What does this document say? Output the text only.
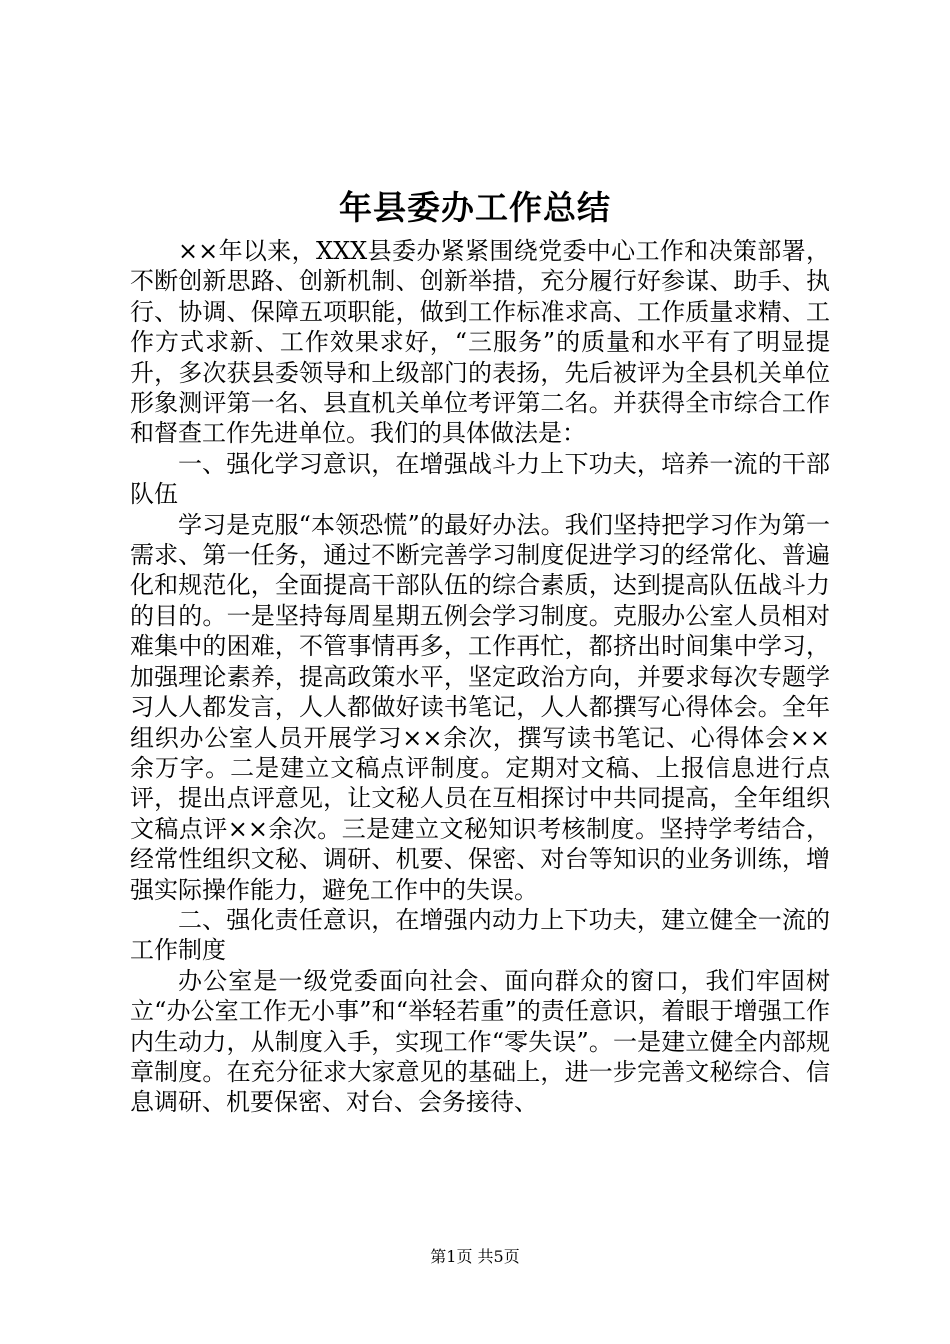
年县委办工作总结

××年以来，XXX县委办紧紧围绕党委中心工作和决策部署，不断创新思路、创新机制、创新举措，充分履行好参谋、助手、执行、协调、保障五项职能，做到工作标准求高、工作质量求精、工作方式求新、工作效果求好，“三服务”的质量和水平有了明显提升，多次获县委领导和上级部门的表扬，先后被评为全县机关单位形象测评第一名、县直机关单位考评第二名。并获得全市综合工作和督查工作先进单位。我们的具体做法是：

一、强化学习意识，在增强战斗力上下功夫，培养一流的干部队伍

学习是克服“本领恐慌”的最好办法。我们坚持把学习作为第一需求、第一任务，通过不断完善学习制度促进学习的经常化、普遍化和规范化，全面提高干部队伍的综合素质，达到提高队伍战斗力的目的。一是坚持每周星期五例会学习制度。克服办公室人员相对难集中的困难，不管事情再多，工作再忙，都挤出时间集中学习，加强理论素养，提高政策水平，坚定政治方向，并要求每次专题学习人人都发言，人人都做好读书笔记，人人都撰写心得体会。全年组织办公室人员开展学习××余次，撰写读书笔记、心得体会××余万字。二是建立文稿点评制度。定期对文稿、上报信息进行点评，提出点评意见，让文秘人员在互相探讨中共同提高，全年组织文稿点评××余次。三是建立文秘知识考核制度。坚持学考结合，经常性组织文秘、调研、机要、保密、对台等知识的业务训练，增强实际操作能力，避免工作中的失误。

二、强化责任意识，在增强内动力上下功夫，建立健全一流的工作制度

办公室是一级党委面向社会、面向群众的窗口，我们牢固树立“办公室工作无小事”和“举轻若重”的责任意识，着眼于增强工作内生动力，从制度入手，实现工作“零失误”。一是建立健全内部规章制度。在充分征求大家意见的基础上，进一步完善文秘综合、信息调研、机要保密、对台、会务接待、

第1页 共5页
